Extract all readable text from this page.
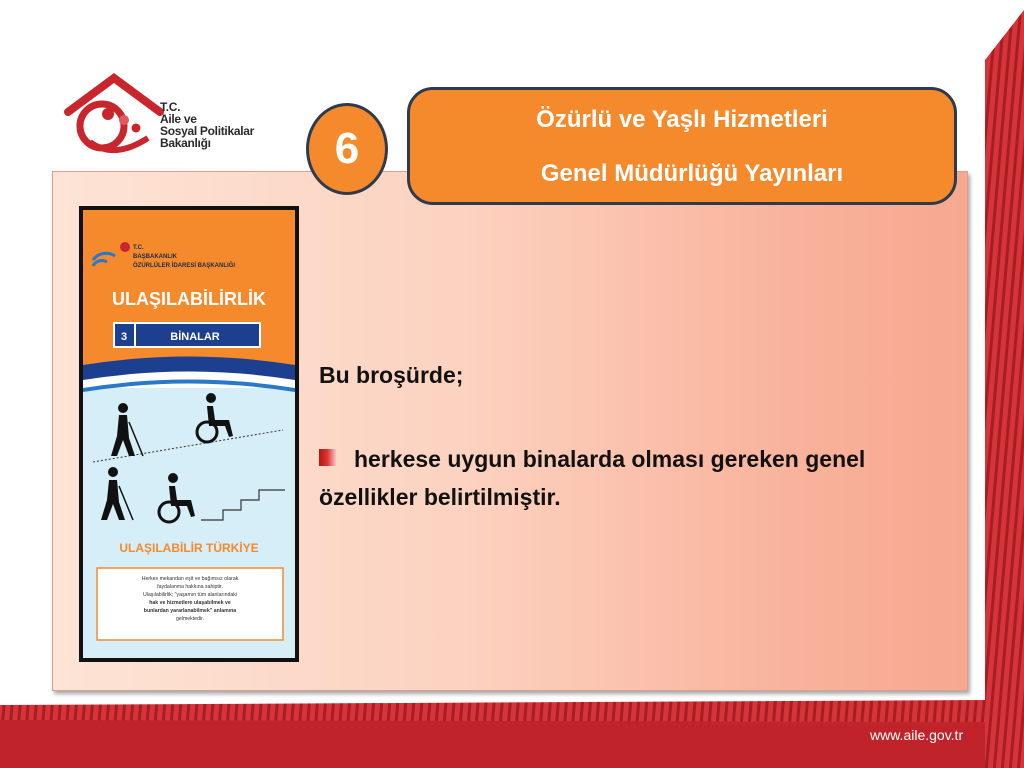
T.C.
Aile ve
Sosyal Politikalar
Bakanlığı	6
Özürlü ve Yaşlı Hizmetleri
Genel Müdürlüğü Yayınları
T.C.
BAŞBAKANLIK
ÖZÜRLÜLER İDARESİ BAŞKANLIĞI
ULAŞILABİLİRLİK
3	BİNALAR
ULAŞILABİLİR TÜRKİYE
Herkes mekandan eşit ve bağımsız olarak
faydalanma hakkına sahiptir.
Ulaşılabilirlik; "yaşamın tüm alanlarındaki
hak ve hizmetlere ulaşabilmek ve
bunlardan yararlanabilmek" anlamına
gelmektedir.
Bu broşürde;
herkese uygun binalarda olması gereken genel özellikler belirtilmiştir.
www.aile.gov.tr
